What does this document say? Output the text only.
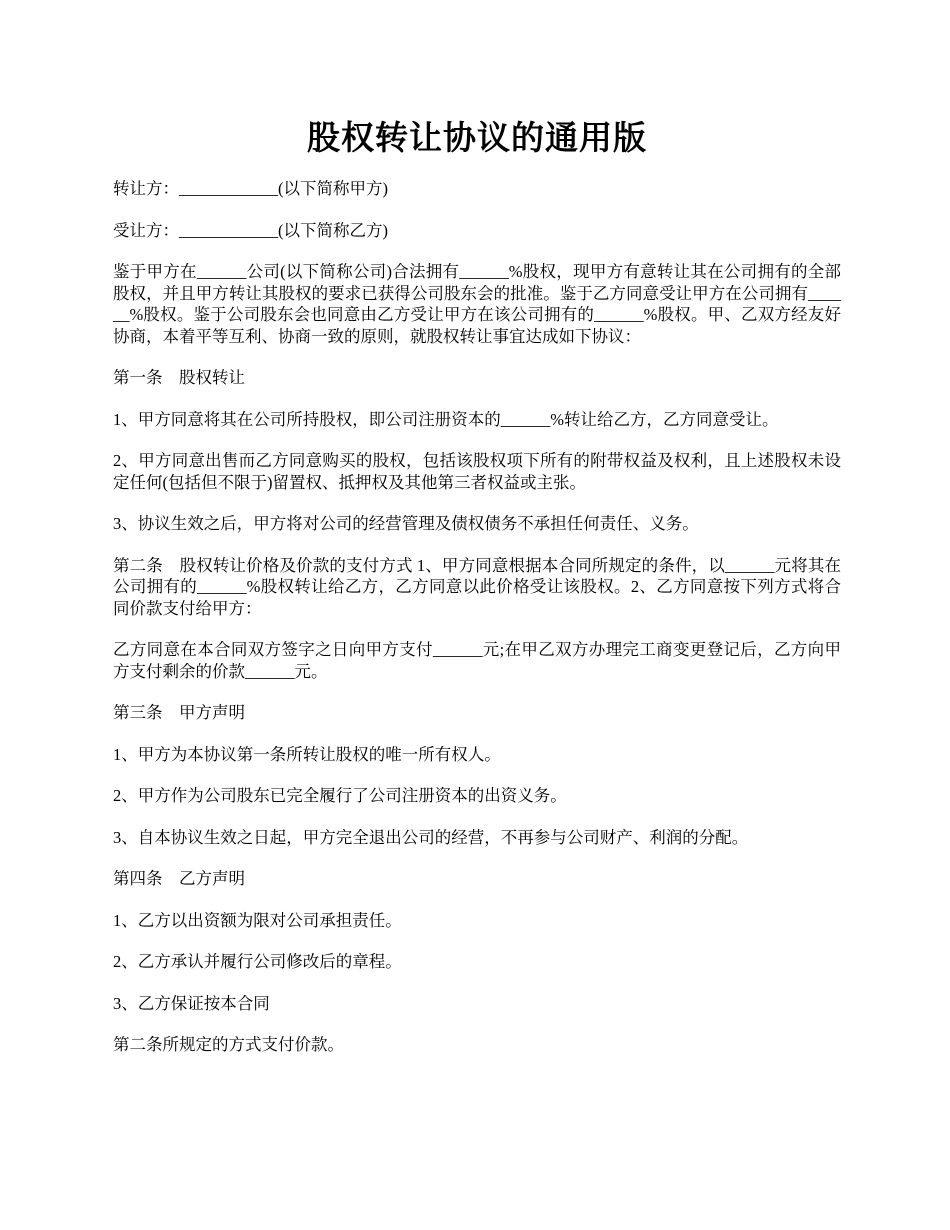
股权转让协议的通用版

转让方：____________(以下简称甲方)

受让方：____________(以下简称乙方)

鉴于甲方在______公司(以下简称公司)合法拥有______%股权，现甲方有意转让其在公司拥有的全部股权，并且甲方转让其股权的要求已获得公司股东会的批准。鉴于乙方同意受让甲方在公司拥有______%股权。鉴于公司股东会也同意由乙方受让甲方在该公司拥有的______%股权。甲、乙双方经友好协商，本着平等互利、协商一致的原则，就股权转让事宜达成如下协议：

第一条　股权转让

1、甲方同意将其在公司所持股权，即公司注册资本的______%转让给乙方，乙方同意受让。

2、甲方同意出售而乙方同意购买的股权，包括该股权项下所有的附带权益及权利，且上述股权未设定任何(包括但不限于)留置权、抵押权及其他第三者权益或主张。

3、协议生效之后，甲方将对公司的经营管理及债权债务不承担任何责任、义务。

第二条　股权转让价格及价款的支付方式 1、甲方同意根据本合同所规定的条件，以______元将其在公司拥有的______%股权转让给乙方，乙方同意以此价格受让该股权。2、乙方同意按下列方式将合同价款支付给甲方：

乙方同意在本合同双方签字之日向甲方支付______元;在甲乙双方办理完工商变更登记后，乙方向甲方支付剩余的价款______元。

第三条　甲方声明

1、甲方为本协议第一条所转让股权的唯一所有权人。

2、甲方作为公司股东已完全履行了公司注册资本的出资义务。

3、自本协议生效之日起，甲方完全退出公司的经营，不再参与公司财产、利润的分配。

第四条　乙方声明

1、乙方以出资额为限对公司承担责任。

2、乙方承认并履行公司修改后的章程。

3、乙方保证按本合同

第二条所规定的方式支付价款。
